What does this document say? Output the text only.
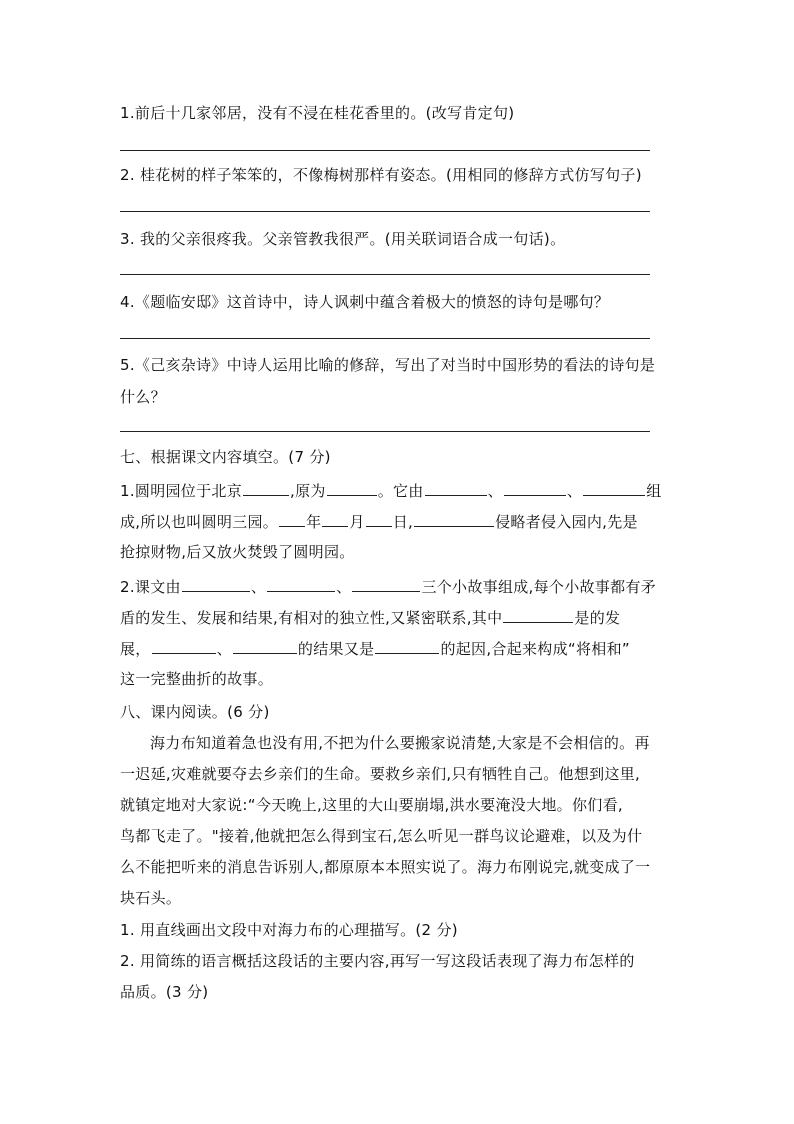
1.前后十几家邻居，没有不浸在桂花香里的。(改写肯定句)
2. 桂花树的样子笨笨的，不像梅树那样有姿态。(用相同的修辞方式仿写句子)
3. 我的父亲很疼我。父亲管教我很严。(用关联词语合成一句话)。
4.《题临安邸》这首诗中，诗人讽刺中蕴含着极大的愤怒的诗句是哪句？
5.《己亥杂诗》中诗人运用比喻的修辞，写出了对当时中国形势的看法的诗句是
什么？
七、根据课文内容填空。(7 分)
1.圆明园位于北京	,原为	。它由	、	、	组
成,所以也叫圆明三园。 年 月 日,	侵略者侵入园内,先是
抢掠财物,后又放火焚毁了圆明园。
2.课文由	、	、	三个小故事组成,每个小故事都有矛
盾的发生、发展和结果,有相对的独立性,又紧密联系,其中	是的发
展，	、	的结果又是	的起因,合起来构成“将相和”
这一完整曲折的故事。
八、课内阅读。(6 分)
海力布知道着急也没有用,不把为什么要搬家说清楚,大家是不会相信的。再
一迟延,灾难就要夺去乡亲们的生命。要救乡亲们,只有牺牲自己。他想到这里,
就镇定地对大家说:“今天晚上,这里的大山要崩塌,洪水要淹没大地。你们看,
鸟都飞走了。"接着,他就把怎么得到宝石,怎么听见一群鸟议论避难，以及为什
么不能把听来的消息告诉别人,都原原本本照实说了。海力布刚说完,就变成了一
块石头。
1. 用直线画出文段中对海力布的心理描写。(2 分)
2. 用简练的语言概括这段话的主要内容,再写一写这段话表现了海力布怎样的
品质。(3 分)
